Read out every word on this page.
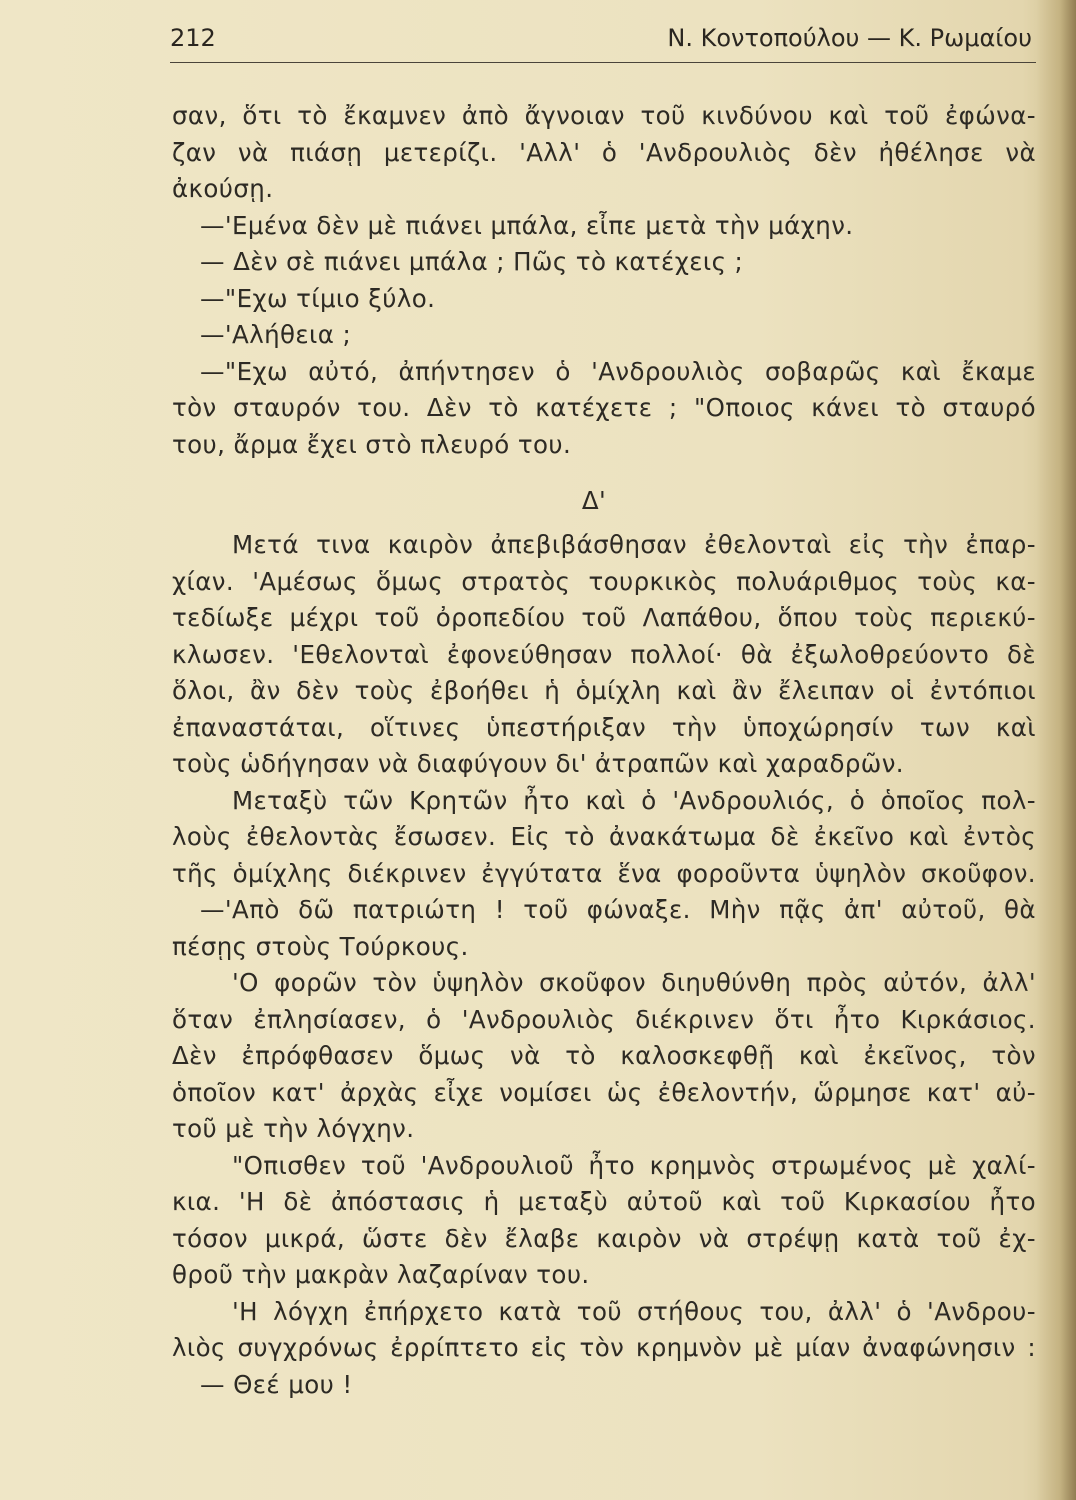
212	Ν. Κοντοπούλου — Κ. Ρωμαίου
σαν, ὅτι τὸ ἔκαμνεν ἀπὸ ἄγνοιαν τοῦ κινδύνου καὶ τοῦ ἐφώνα-
ζαν νὰ πιάσῃ μετερίζι. 'Αλλ' ὁ 'Ανδρουλιὸς δὲν ἠθέλησε νὰ
ἀκούσῃ.
—'Εμένα δὲν μὲ πιάνει μπάλα, εἶπε μετὰ τὴν μάχην.
— Δὲν σὲ πιάνει μπάλα ; Πῶς τὸ κατέχεις ;
—"Εχω τίμιο ξύλο.
—'Αλήθεια ;
—"Εχω αὐτό, ἀπήντησεν ὁ 'Ανδρουλιὸς σοβαρῶς καὶ ἔκαμε
τὸν σταυρόν του. Δὲν τὸ κατέχετε ; "Οποιος κάνει τὸ σταυρό
του, ἄρμα ἔχει στὸ πλευρό του.
Δ'
Μετά τινα καιρὸν ἀπεβιβάσθησαν ἐθελονταὶ εἰς τὴν ἐπαρ-
χίαν. 'Αμέσως ὅμως στρατὸς τουρκικὸς πολυάριθμος τοὺς κα-
τεδίωξε μέχρι τοῦ ὀροπεδίου τοῦ Λαπάθου, ὅπου τοὺς περιεκύ-
κλωσεν. 'Εθελονταὶ ἐφονεύθησαν πολλοί· θὰ ἐξωλοθρεύοντο δὲ
ὅλοι, ἂν δὲν τοὺς ἐβοήθει ἡ ὁμίχλη καὶ ἂν ἔλειπαν οἱ ἐντόπιοι
ἐπαναστάται, οἵτινες ὑπεστήριξαν τὴν ὑποχώρησίν των καὶ
τοὺς ὡδήγησαν νὰ διαφύγουν δι' ἀτραπῶν καὶ χαραδρῶν.
Μεταξὺ τῶν Κρητῶν ἦτο καὶ ὁ 'Ανδρουλιός, ὁ ὁποῖος πολ-
λοὺς ἐθελοντὰς ἔσωσεν. Εἰς τὸ ἀνακάτωμα δὲ ἐκεῖνο καὶ ἐντὸς
τῆς ὁμίχλης διέκρινεν ἐγγύτατα ἕνα φοροῦντα ὑψηλὸν σκοῦφον.
—'Απὸ δῶ πατριώτη ! τοῦ φώναξε. Μὴν πᾷς ἀπ' αὐτοῦ, θὰ
πέσῃς στοὺς Τούρκους.
'Ο φορῶν τὸν ὑψηλὸν σκοῦφον διηυθύνθη πρὸς αὐτόν, ἀλλ'
ὅταν ἐπλησίασεν, ὁ 'Ανδρουλιὸς διέκρινεν ὅτι ἦτο Κιρκάσιος.
Δὲν ἐπρόφθασεν ὅμως νὰ τὸ καλοσκεφθῇ καὶ ἐκεῖνος, τὸν
ὁποῖον κατ' ἀρχὰς εἶχε νομίσει ὡς ἐθελοντήν, ὥρμησε κατ' αὐ-
τοῦ μὲ τὴν λόγχην.
"Οπισθεν τοῦ 'Ανδρουλιοῦ ἦτο κρημνὸς στρωμένος μὲ χαλί-
κια. 'Η δὲ ἀπόστασις ἡ μεταξὺ αὐτοῦ καὶ τοῦ Κιρκασίου ἦτο
τόσον μικρά, ὥστε δὲν ἔλαβε καιρὸν νὰ στρέψῃ κατὰ τοῦ ἐχ-
θροῦ τὴν μακρὰν λαζαρίναν του.
'Η λόγχη ἐπήρχετο κατὰ τοῦ στήθους του, ἀλλ' ὁ 'Ανδρου-
λιὸς συγχρόνως ἐρρίπτετο εἰς τὸν κρημνὸν μὲ μίαν ἀναφώνησιν :
— Θεέ μου !
